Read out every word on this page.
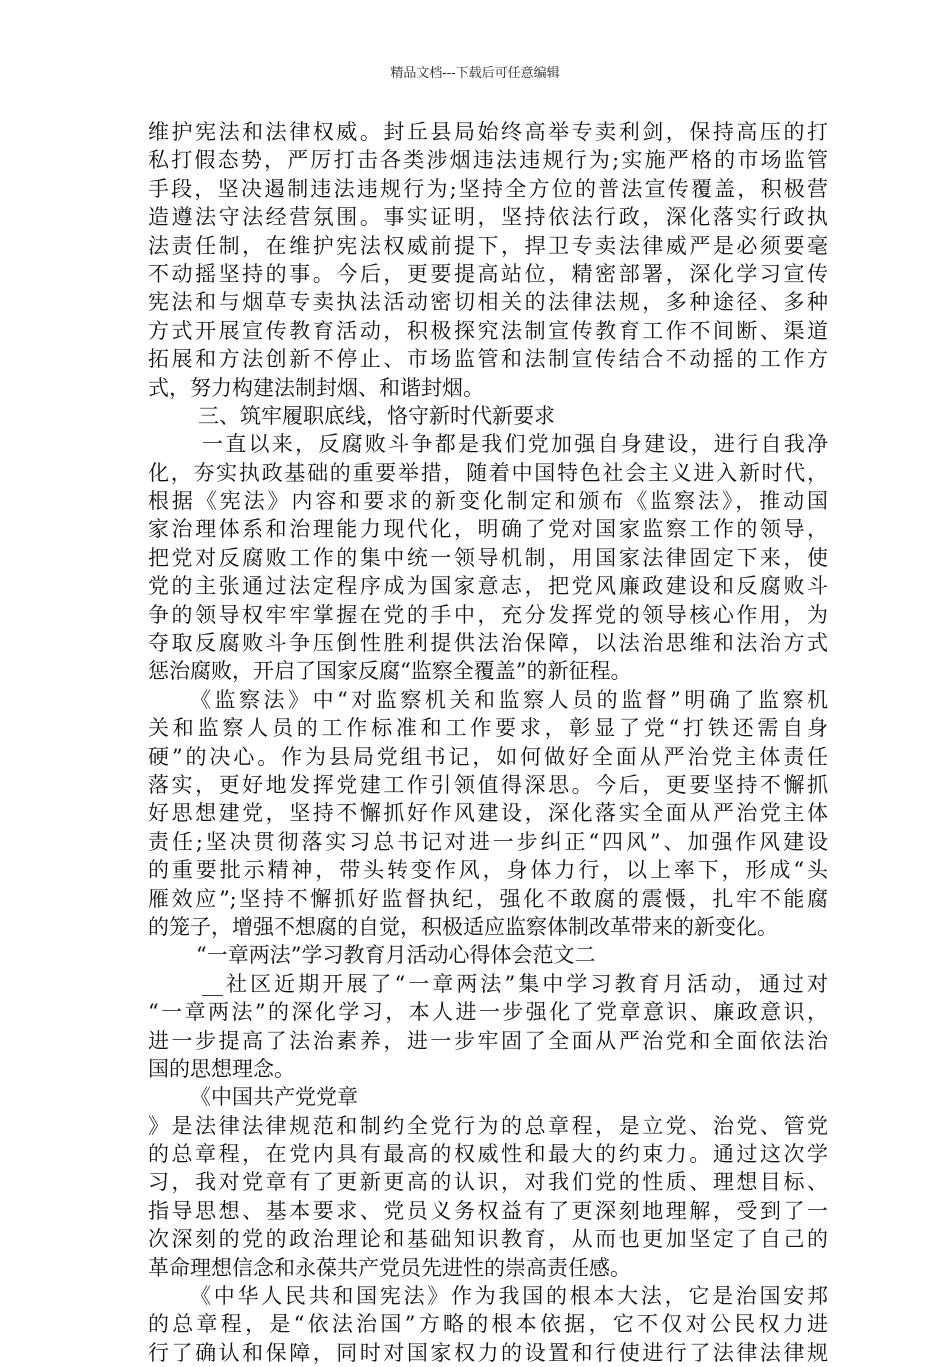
精品文档---下载后可任意编辑
维护宪法和法律权威。封丘县局始终高举专卖利剑，保持高压的打
私打假态势，严厉打击各类涉烟违法违规行为;实施严格的市场监管
手段，坚决遏制违法违规行为;坚持全方位的普法宣传覆盖，积极营
造遵法守法经营氛围。事实证明，坚持依法行政，深化落实行政执
法责任制，在维护宪法权威前提下，捍卫专卖法律威严是必须要毫
不动摇坚持的事。今后，更要提高站位，精密部署，深化学习宣传
宪法和与烟草专卖执法活动密切相关的法律法规，多种途径、多种
方式开展宣传教育活动，积极探究法制宣传教育工作不间断、渠道
拓展和方法创新不停止、市场监管和法制宣传结合不动摇的工作方
式，努力构建法制封烟、和谐封烟。
三、筑牢履职底线，恪守新时代新要求
一直以来，反腐败斗争都是我们党加强自身建设，进行自我净
化，夯实执政基础的重要举措，随着中国特色社会主义进入新时代，
根据《宪法》内容和要求的新变化制定和颁布《监察法》，推动国
家治理体系和治理能力现代化，明确了党对国家监察工作的领导，
把党对反腐败工作的集中统一领导机制，用国家法律固定下来，使
党的主张通过法定程序成为国家意志，把党风廉政建设和反腐败斗
争的领导权牢牢掌握在党的手中，充分发挥党的领导核心作用，为
夺取反腐败斗争压倒性胜利提供法治保障，以法治思维和法治方式
惩治腐败，开启了国家反腐“监察全覆盖”的新征程。
《监察法》中“对监察机关和监察人员的监督”明确了监察机
关和监察人员的工作标准和工作要求，彰显了党“打铁还需自身
硬”的决心。作为县局党组书记，如何做好全面从严治党主体责任
落实，更好地发挥党建工作引领值得深思。今后，更要坚持不懈抓
好思想建党，坚持不懈抓好作风建设，深化落实全面从严治党主体
责任;坚决贯彻落实习总书记对进一步纠正“四风”、加强作风建设
的重要批示精神，带头转变作风，身体力行，以上率下，形成“头
雁效应”;坚持不懈抓好监督执纪，强化不敢腐的震慑，扎牢不能腐
的笼子，增强不想腐的自觉，积极适应监察体制改革带来的新变化。
“一章两法”学习教育月活动心得体会范文二
__社区近期开展了“一章两法”集中学习教育月活动，通过对
“一章两法”的深化学习，本人进一步强化了党章意识、廉政意识，
进一步提高了法治素养，进一步牢固了全面从严治党和全面依法治
国的思想理念。
《中国共产党党章
》是法律法律规范和制约全党行为的总章程，是立党、治党、管党
的总章程，在党内具有最高的权威性和最大的约束力。通过这次学
习，我对党章有了更新更高的认识，对我们党的性质、理想目标、
指导思想、基本要求、党员义务权益有了更深刻地理解，受到了一
次深刻的党的政治理论和基础知识教育，从而也更加坚定了自己的
革命理想信念和永葆共产党员先进性的崇高责任感。
《中华人民共和国宪法》作为我国的根本大法，它是治国安邦
的总章程，是“依法治国”方略的根本依据，它不仅对公民权力进
行了确认和保障，同时对国家权力的设置和行使进行了法律法律规
